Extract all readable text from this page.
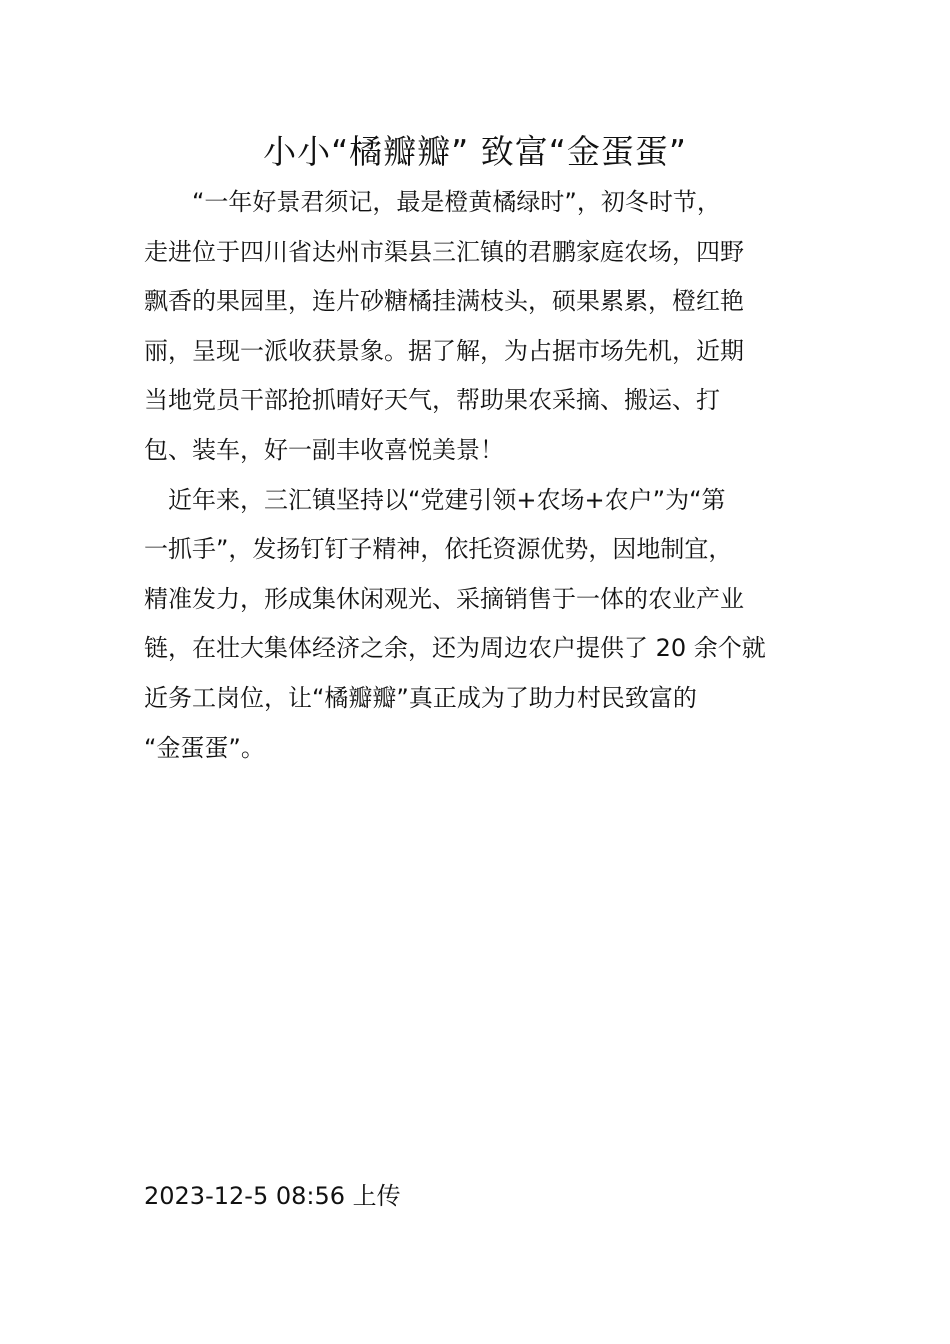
小小“橘瓣瓣” 致富“金蛋蛋”
　　“一年好景君须记，最是橙黄橘绿时”，初冬时节，
走进位于四川省达州市渠县三汇镇的君鹏家庭农场，四野
飘香的果园里，连片砂糖橘挂满枝头，硕果累累，橙红艳
丽，呈现一派收获景象。据了解，为占据市场先机，近期
当地党员干部抢抓晴好天气，帮助果农采摘、搬运、打
包、装车，好一副丰收喜悦美景！
　近年来，三汇镇坚持以“党建引领+农场+农户”为“第
一抓手”，发扬钉钉子精神，依托资源优势，因地制宜，
精准发力，形成集休闲观光、采摘销售于一体的农业产业
链，在壮大集体经济之余，还为周边农户提供了 20 余个就
近务工岗位，让“橘瓣瓣”真正成为了助力村民致富的
“金蛋蛋”。
2023-12-5 08:56 上传
